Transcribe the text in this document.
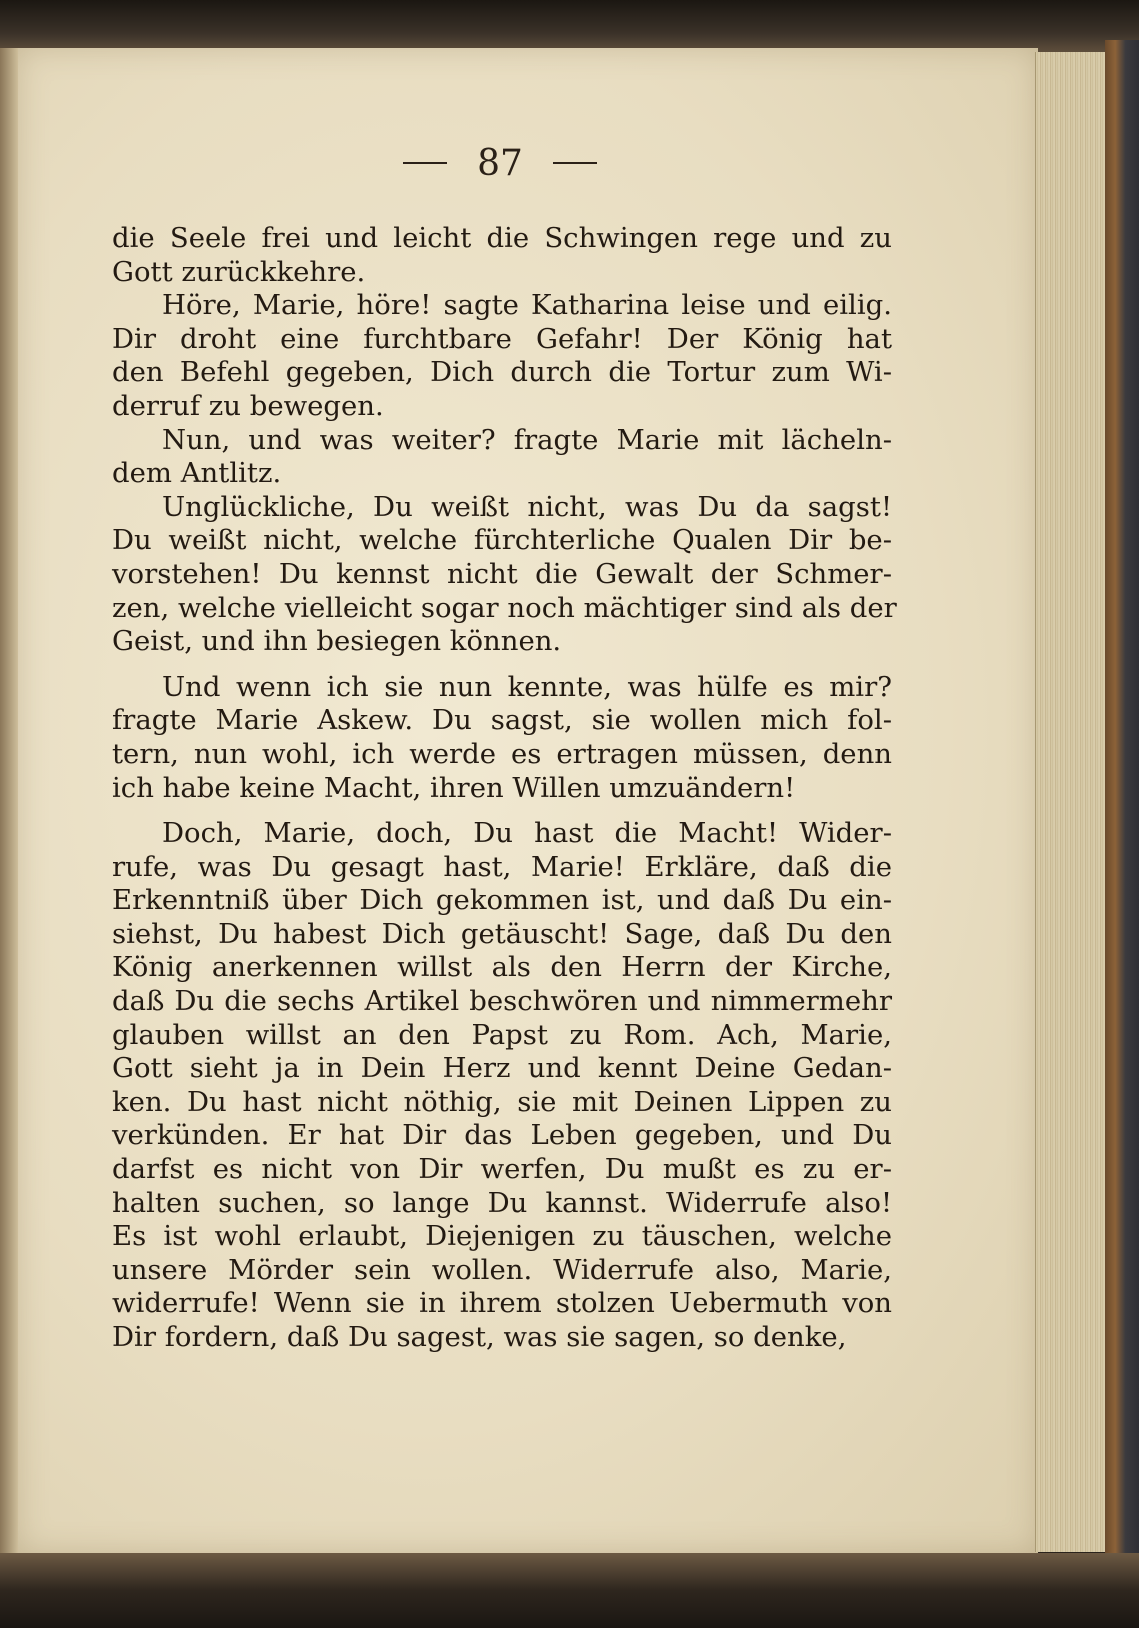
87
die Seele frei und leicht die Schwingen rege und zu
Gott zurückkehre.
Höre, Marie, höre! sagte Katharina leise und eilig.
Dir droht eine furchtbare Gefahr! Der König hat
den Befehl gegeben, Dich durch die Tortur zum Wi-
derruf zu bewegen.
Nun, und was weiter? fragte Marie mit lächeln-
dem Antlitz.
Unglückliche, Du weißt nicht, was Du da sagst!
Du weißt nicht, welche fürchterliche Qualen Dir be-
vorstehen! Du kennst nicht die Gewalt der Schmer-
zen, welche vielleicht sogar noch mächtiger sind als der
Geist, und ihn besiegen können.
Und wenn ich sie nun kennte, was hülfe es mir?
fragte Marie Askew. Du sagst, sie wollen mich fol-
tern, nun wohl, ich werde es ertragen müssen, denn
ich habe keine Macht, ihren Willen umzuändern!
Doch, Marie, doch, Du hast die Macht! Wider-
rufe, was Du gesagt hast, Marie! Erkläre, daß die
Erkenntniß über Dich gekommen ist, und daß Du ein-
siehst, Du habest Dich getäuscht! Sage, daß Du den
König anerkennen willst als den Herrn der Kirche,
daß Du die sechs Artikel beschwören und nimmermehr
glauben willst an den Papst zu Rom. Ach, Marie,
Gott sieht ja in Dein Herz und kennt Deine Gedan-
ken. Du hast nicht nöthig, sie mit Deinen Lippen zu
verkünden. Er hat Dir das Leben gegeben, und Du
darfst es nicht von Dir werfen, Du mußt es zu er-
halten suchen, so lange Du kannst. Widerrufe also!
Es ist wohl erlaubt, Diejenigen zu täuschen, welche
unsere Mörder sein wollen. Widerrufe also, Marie,
widerrufe! Wenn sie in ihrem stolzen Uebermuth von
Dir fordern, daß Du sagest, was sie sagen, so denke,
